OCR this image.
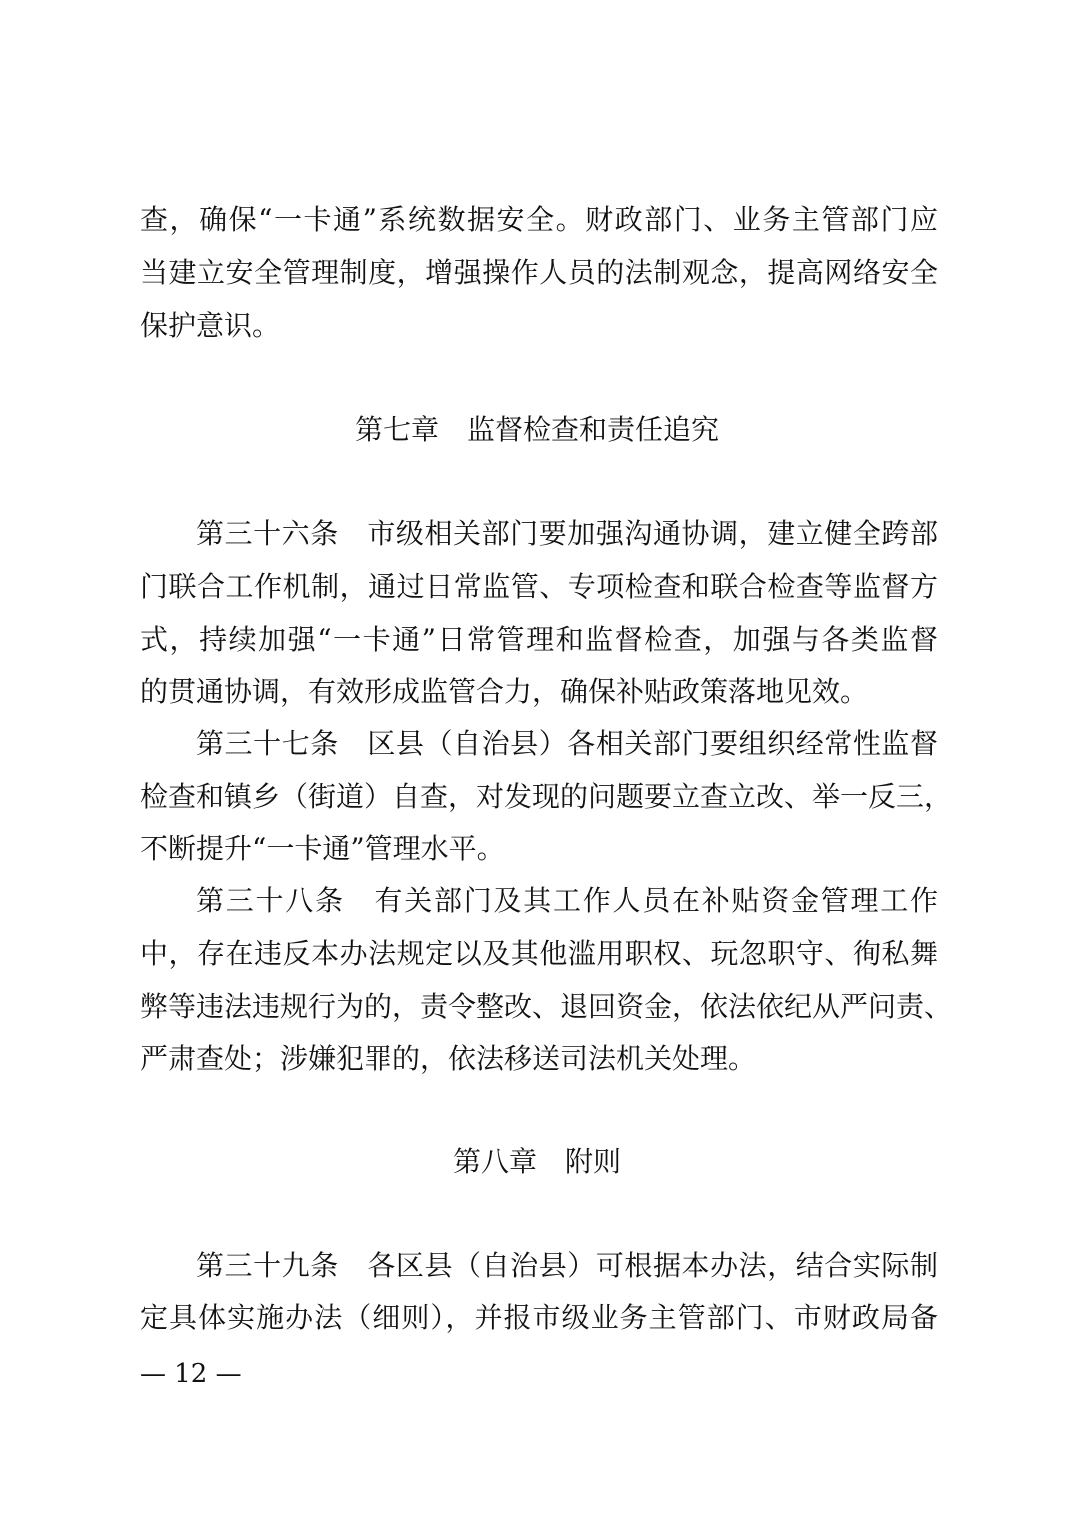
查，确保“一卡通”系统数据安全。财政部门、业务主管部门应
当建立安全管理制度，增强操作人员的法制观念，提高网络安全
保护意识。
第七章　监督检查和责任追究
第三十六条　市级相关部门要加强沟通协调，建立健全跨部
门联合工作机制，通过日常监管、专项检查和联合检查等监督方
式，持续加强“一卡通”日常管理和监督检查，加强与各类监督
的贯通协调，有效形成监管合力，确保补贴政策落地见效。
第三十七条　区县（自治县）各相关部门要组织经常性监督
检查和镇乡（街道）自查，对发现的问题要立查立改、举一反三，
不断提升“一卡通”管理水平。
第三十八条　有关部门及其工作人员在补贴资金管理工作
中，存在违反本办法规定以及其他滥用职权、玩忽职守、徇私舞
弊等违法违规行为的，责令整改、退回资金，依法依纪从严问责、
严肃查处；涉嫌犯罪的，依法移送司法机关处理。
第八章　附则
第三十九条　各区县（自治县）可根据本办法，结合实际制
定具体实施办法（细则），并报市级业务主管部门、市财政局备
— 12 —
